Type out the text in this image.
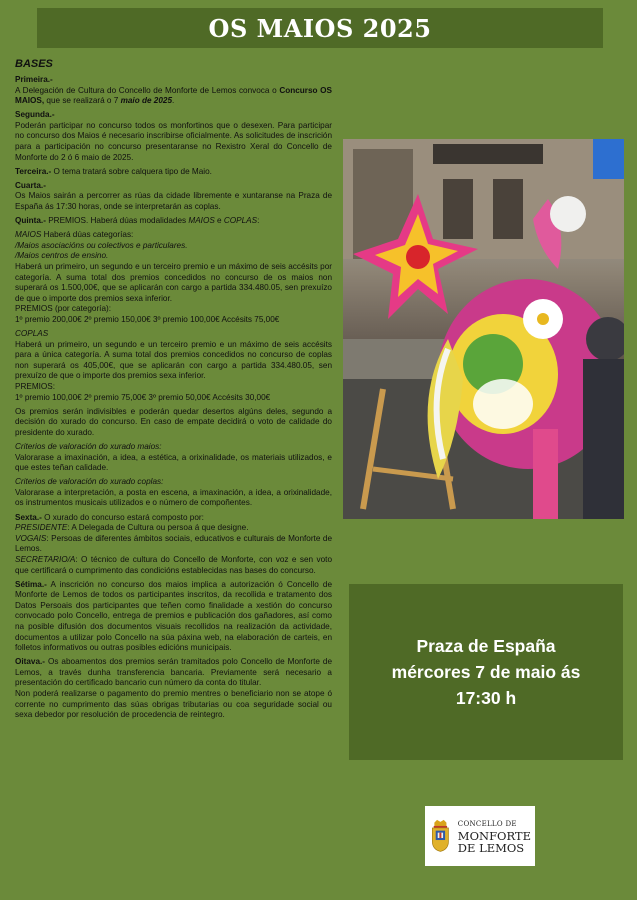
OS MAIOS 2025
BASES

Primeira.-
A Delegación de Cultura do Concello de Monforte de Lemos convoca o Concurso OS MAIOS, que se realizará o 7 maio de 2025.

Segunda.-
Poderán participar no concurso todos os monfortinos que o desexen. Para participar no concurso dos Maios é necesario inscribirse oficialmente. As solicitudes de inscrición para a participación no concurso presentaranse no Rexistro Xeral do Concello de Monforte do 2 ó 6 maio de 2025.

Terceira.- O tema tratará sobre calquera tipo de Maio.

Cuarta.-
Os Maios sairán a percorrer as rúas da cidade libremente e xuntaranse na Praza de España ás 17:30 horas, onde se interpretarán as coplas.

Quinta.- PREMIOS. Haberá dúas modalidades MAIOS e COPLAS:

MAIOS Haberá dúas categorías:
/Maios asociacións ou colectivos e particulares.
/Maios centros de ensino.
Haberá un primeiro, un segundo e un terceiro premio e un máximo de seis accésits por categoría. A suma total dos premios concedidos no concurso de os maios non superará os 1.500,00€, que se aplicarán con cargo a partida 334.480.05, sen prexuízo de que o importe dos premios sexa inferior.
PREMIOS (por categoría):
1º premio 200,00€ 2º premio 150,00€ 3º premio 100,00€ Accésits 75,00€

COPLAS
Haberá un primeiro, un segundo e un terceiro premio e un máximo de seis accésits para a única categoría. A suma total dos premios concedidos no concurso de coplas non superará os 405,00€, que se aplicarán con cargo a partida 334.480.05, sen prexuízo de que o importe dos premios sexa inferior.
PREMIOS:
1º premio 100,00€ 2º premio 75,00€ 3º premio 50,00€ Accésits 30,00€

Os premios serán indivisibles e poderán quedar desertos algúns deles, segundo a decisión do xurado do concurso. En caso de empate decidirá o voto de calidade do presidente do xurado.

Criterios de valoración do xurado maios:
Valorarase a imaxinación, a idea, a estética, a orixinalidade, os materiais utilizados, e que estes teñan calidade.

Criterios de valoración do xurado coplas:
Valorarase a interpretación, a posta en escena, a imaxinación, a idea, a orixinalidade, os instrumentos musicais utilizados e o número de compoñentes.

Sexta.- O xurado do concurso estará composto por:
PRESIDENTE: A Delegada de Cultura ou persoa á que designe.
VOGAIS: Persoas de diferentes ámbitos sociais, educativos e culturais de Monforte de Lemos.
SECRETARIO/A: O técnico de cultura do Concello de Monforte, con voz e sen voto que certificará o cumprimento das condicións establecidas nas bases do concurso.

Sétima.- A inscrición no concurso dos maios implica a autorización ó Concello de Monforte de Lemos de todos os participantes inscritos, da recollida e tratamento dos Datos Persoais dos participantes que teñen como finalidade a xestión do concurso convocado polo Concello, entrega de premios e publicación dos gañadores, así como na posible difusión dos documentos visuais recollidos na realización da actividade, documentos a utilizar polo Concello na súa páxina web, na elaboración de carteis, en folletos informativos ou outras posibles edicións municipais.

Oitava.- Os aboamentos dos premios serán tramitados polo Concello de Monforte de Lemos, a través dunha transferencia bancaria. Previamente será necesario a presentación do certificado bancario cun número da conta do titular.
Non poderá realizarse o pagamento do premio mentres o beneficiario non se atope ó corrente no cumprimento das súas obrigas tributarias ou coa seguridade social ou sexa debedor por resolución de procedencia de reintegro.

Praza de España
mércores 7 de maio ás
17:30 h
CONCELLO DE
MONFORTE
DE LEMOS
